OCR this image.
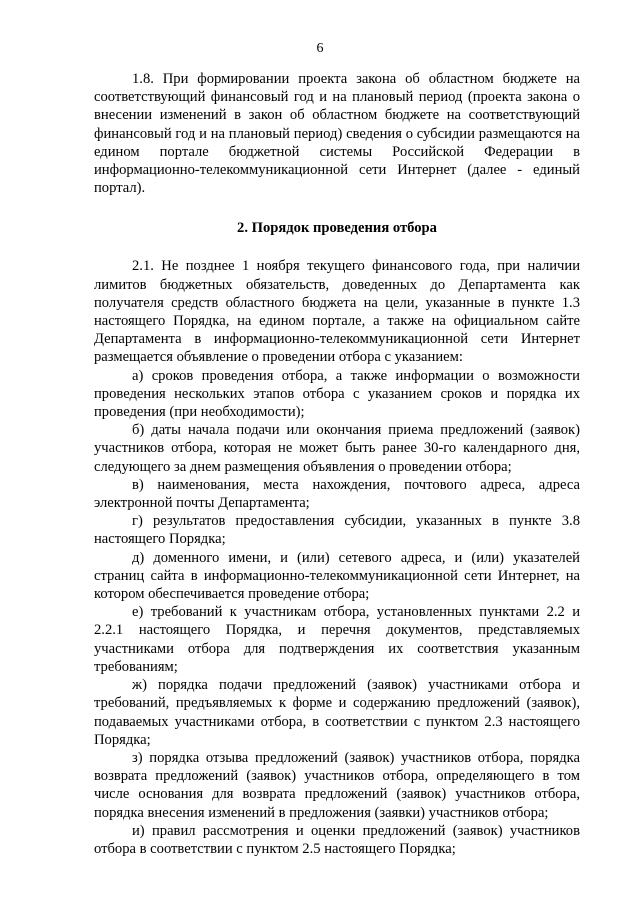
6

1.8. При формировании проекта закона об областном бюджете на соответствующий финансовый год и на плановый период (проекта закона о внесении изменений в закон об областном бюджете на соответствующий финансовый год и на плановый период) сведения о субсидии размещаются на едином портале бюджетной системы Российской Федерации в информационно-телекоммуникационной сети Интернет (далее - единый портал).

2. Порядок проведения отбора

2.1. Не позднее 1 ноября текущего финансового года, при наличии лимитов бюджетных обязательств, доведенных до Департамента как получателя средств областного бюджета на цели, указанные в пункте 1.3 настоящего Порядка, на едином портале, а также на официальном сайте Департамента в информационно-телекоммуникационной сети Интернет размещается объявление о проведении отбора с указанием:

а) сроков проведения отбора, а также информации о возможности проведения нескольких этапов отбора с указанием сроков и порядка их проведения (при необходимости);

б) даты начала подачи или окончания приема предложений (заявок) участников отбора, которая не может быть ранее 30-го календарного дня, следующего за днем размещения объявления о проведении отбора;

в) наименования, места нахождения, почтового адреса, адреса электронной почты Департамента;

г) результатов предоставления субсидии, указанных в пункте 3.8 настоящего Порядка;

д) доменного имени, и (или) сетевого адреса, и (или) указателей страниц сайта в информационно-телекоммуникационной сети Интернет, на котором обеспечивается проведение отбора;

е) требований к участникам отбора, установленных пунктами 2.2 и 2.2.1 настоящего Порядка, и перечня документов, представляемых участниками отбора для подтверждения их соответствия указанным требованиям;

ж) порядка подачи предложений (заявок) участниками отбора и требований, предъявляемых к форме и содержанию предложений (заявок), подаваемых участниками отбора, в соответствии с пунктом 2.3 настоящего Порядка;

з) порядка отзыва предложений (заявок) участников отбора, порядка возврата предложений (заявок) участников отбора, определяющего в том числе основания для возврата предложений (заявок) участников отбора, порядка внесения изменений в предложения (заявки) участников отбора;

и) правил рассмотрения и оценки предложений (заявок) участников отбора в соответствии с пунктом 2.5 настоящего Порядка;
